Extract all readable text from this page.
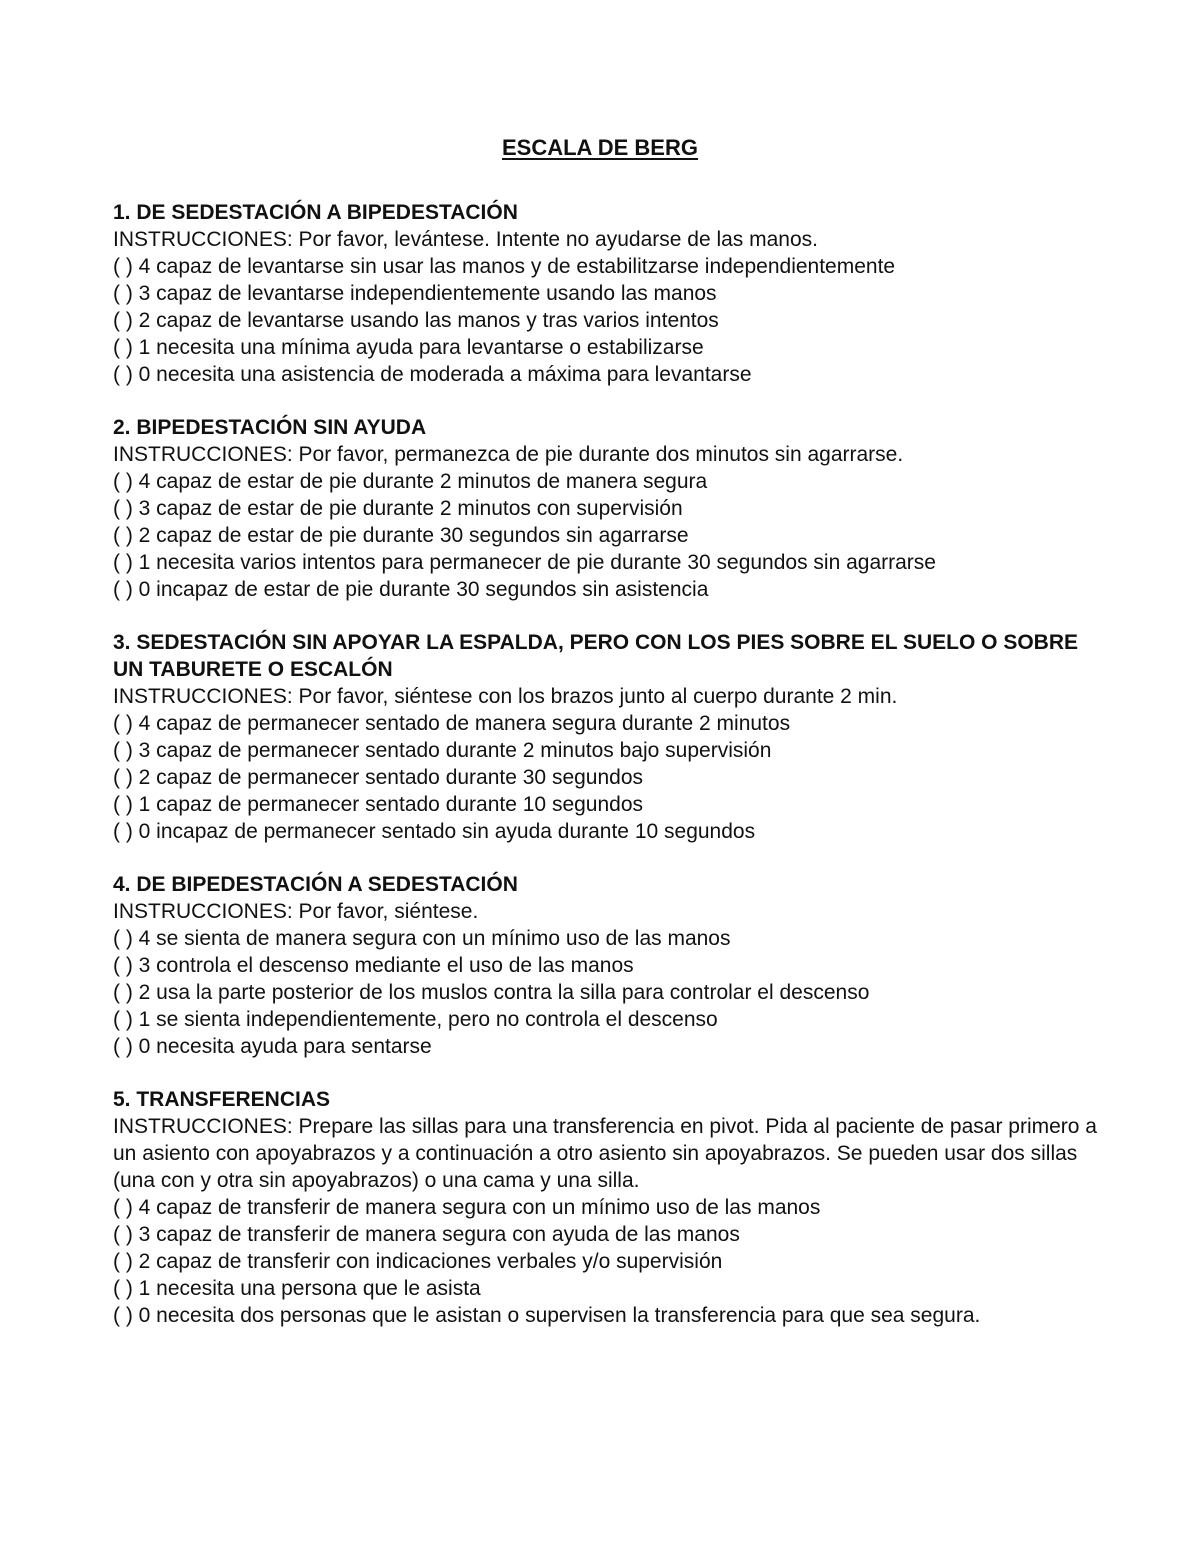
ESCALA DE BERG

1. DE SEDESTACIÓN A BIPEDESTACIÓN

INSTRUCCIONES: Por favor, levántese. Intente no ayudarse de las manos.

( ) 4 capaz de levantarse sin usar las manos y de estabilitzarse independientemente

( ) 3 capaz de levantarse independientemente usando las manos

( ) 2 capaz de levantarse usando las manos y tras varios intentos

( ) 1 necesita una mínima ayuda para levantarse o estabilizarse

( ) 0 necesita una asistencia de moderada a máxima para levantarse

2. BIPEDESTACIÓN SIN AYUDA

INSTRUCCIONES: Por favor, permanezca de pie durante dos minutos sin agarrarse.

( ) 4 capaz de estar de pie durante 2 minutos de manera segura

( ) 3 capaz de estar de pie durante 2 minutos con supervisión

( ) 2 capaz de estar de pie durante 30 segundos sin agarrarse

( ) 1 necesita varios intentos para permanecer de pie durante 30 segundos sin agarrarse

( ) 0 incapaz de estar de pie durante 30 segundos sin asistencia

3. SEDESTACIÓN SIN APOYAR LA ESPALDA, PERO CON LOS PIES SOBRE EL SUELO O SOBRE UN TABURETE O ESCALÓN

INSTRUCCIONES: Por favor, siéntese con los brazos junto al cuerpo durante 2 min.

( ) 4 capaz de permanecer sentado de manera segura durante 2 minutos

( ) 3 capaz de permanecer sentado durante 2 minutos bajo supervisión

( ) 2 capaz de permanecer sentado durante 30 segundos

( ) 1 capaz de permanecer sentado durante 10 segundos

( ) 0 incapaz de permanecer sentado sin ayuda durante 10 segundos

4. DE BIPEDESTACIÓN A SEDESTACIÓN

INSTRUCCIONES: Por favor, siéntese.

( ) 4 se sienta de manera segura con un mínimo uso de las manos

( ) 3 controla el descenso mediante el uso de las manos

( ) 2 usa la parte posterior de los muslos contra la silla para controlar el descenso

( ) 1 se sienta independientemente, pero no controla el descenso

( ) 0 necesita ayuda para sentarse

5. TRANSFERENCIAS

INSTRUCCIONES: Prepare las sillas para una transferencia en pivot. Pida al paciente de pasar primero a un asiento con apoyabrazos y a continuación a otro asiento sin apoyabrazos. Se pueden usar dos sillas (una con y otra sin apoyabrazos) o una cama y una silla.

( ) 4 capaz de transferir de manera segura con un mínimo uso de las manos

( ) 3 capaz de transferir de manera segura con ayuda de las manos

( ) 2 capaz de transferir con indicaciones verbales y/o supervisión

( ) 1 necesita una persona que le asista

( ) 0 necesita dos personas que le asistan o supervisen la transferencia para que sea segura.
